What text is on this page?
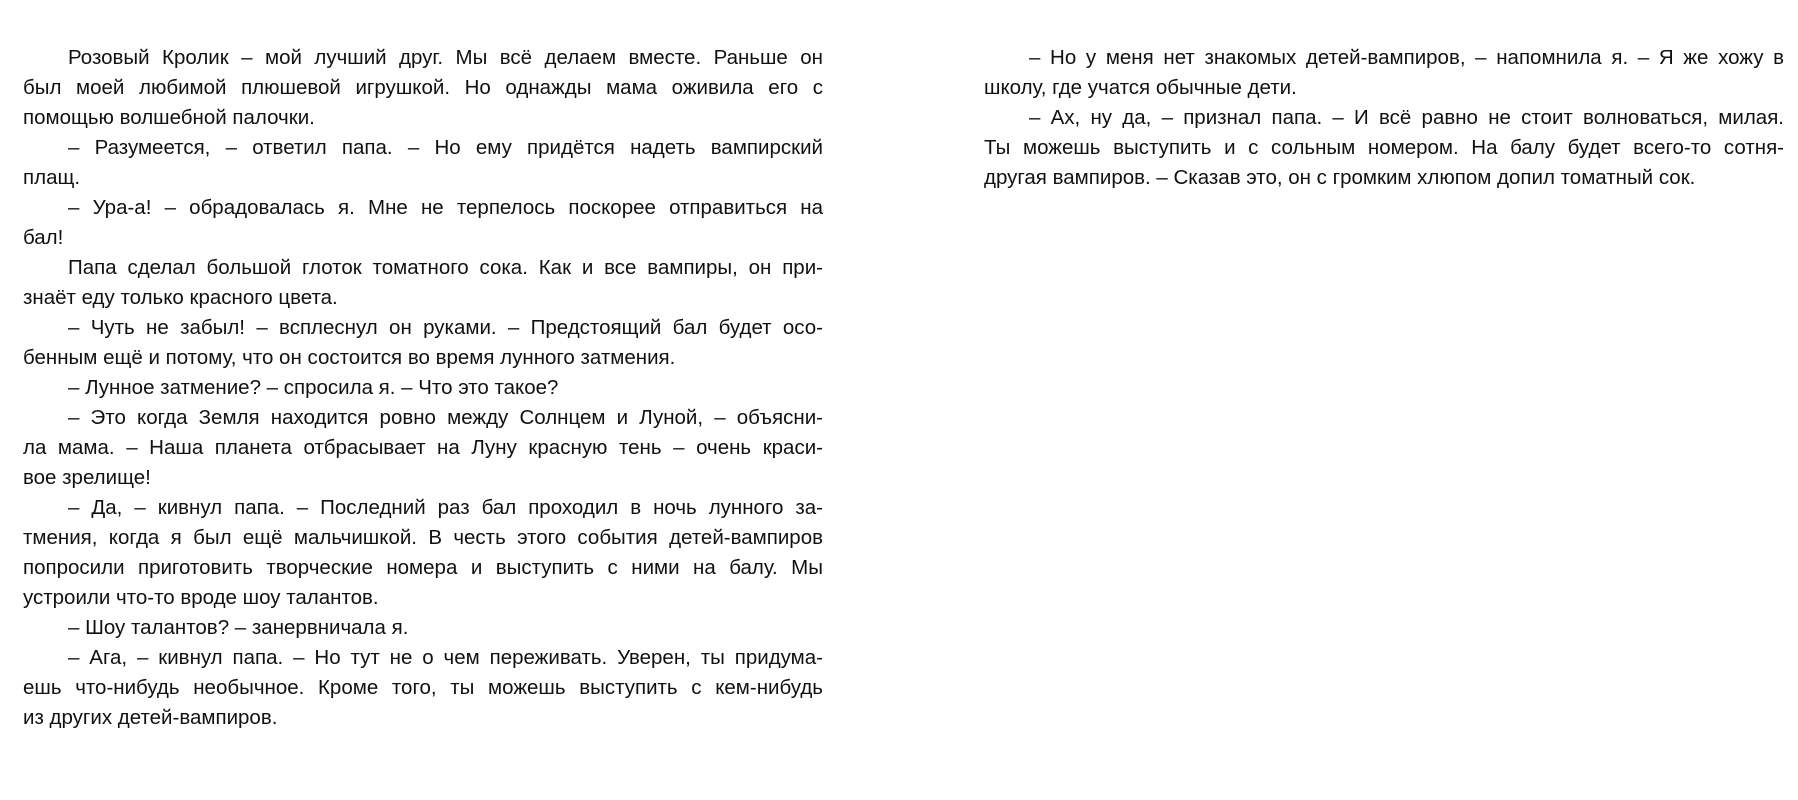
Розовый Кролик – мой лучший друг. Мы всё делаем вместе. Раньше он
был моей любимой плюшевой игрушкой. Но однажды мама оживила его с
помощью волшебной палочки.
– Разумеется, – ответил папа. – Но ему придётся надеть вампирский
плащ.
– Ура-а! – обрадовалась я. Мне не терпелось поскорее отправиться на
бал!
Папа сделал большой глоток томатного сока. Как и все вампиры, он при-
знаёт еду только красного цвета.
– Чуть не забыл! – всплеснул он руками. – Предстоящий бал будет осо-
бенным ещё и потому, что он состоится во время лунного затмения.
– Лунное затмение? – спросила я. – Что это такое?
– Это когда Земля находится ровно между Солнцем и Луной, – объясни-
ла мама. – Наша планета отбрасывает на Луну красную тень – очень краси-
вое зрелище!
– Да, – кивнул папа. – Последний раз бал проходил в ночь лунного за-
тмения, когда я был ещё мальчишкой. В честь этого события детей-вампиров
попросили приготовить творческие номера и выступить с ними на балу. Мы
устроили что-то вроде шоу талантов.
– Шоу талантов? – занервничала я.
– Ага, – кивнул папа. – Но тут не о чем переживать. Уверен, ты придума-
ешь что-нибудь необычное. Кроме того, ты можешь выступить с кем-нибудь
из других детей-вампиров.
– Но у меня нет знакомых детей-вампиров, – напомнила я. – Я же хожу в
школу, где учатся обычные дети.
– Ах, ну да, – признал папа. – И всё равно не стоит волноваться, милая.
Ты можешь выступить и с сольным номером. На балу будет всего-то сотня-
другая вампиров. – Сказав это, он с громким хлюпом допил томатный сок.
